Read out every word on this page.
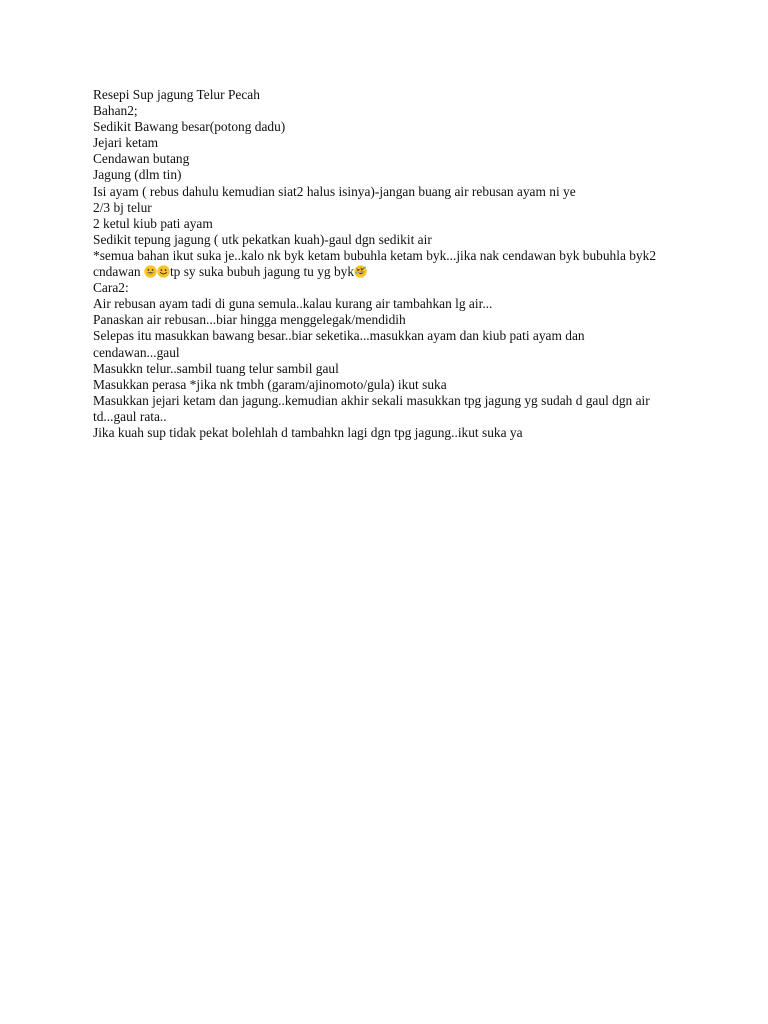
Resepi Sup jagung Telur Pecah
Bahan2;
Sedikit Bawang besar(potong dadu)
Jejari ketam
Cendawan butang
Jagung (dlm tin)
Isi ayam ( rebus dahulu kemudian siat2 halus isinya)-jangan buang air rebusan ayam ni ye
2/3 bj telur
2 ketul kiub pati ayam
Sedikit tepung jagung ( utk pekatkan kuah)-gaul dgn sedikit air
*semua bahan ikut suka je..kalo nk byk ketam bubuhla ketam byk...jika nak cendawan byk bubuhla byk2 cndawan tp sy suka bubuh jagung tu yg byk
Cara2:
Air rebusan ayam tadi di guna semula..kalau kurang air tambahkan lg air...
Panaskan air rebusan...biar hingga menggelegak/mendidih
Selepas itu masukkan bawang besar..biar seketika...masukkan ayam dan kiub pati ayam dan cendawan...gaul
Masukkn telur..sambil tuang telur sambil gaul
Masukkan perasa *jika nk tmbh (garam/ajinomoto/gula) ikut suka
Masukkan jejari ketam dan jagung..kemudian akhir sekali masukkan tpg jagung yg sudah d gaul dgn air td...gaul rata..
Jika kuah sup tidak pekat bolehlah d tambahkn lagi dgn tpg jagung..ikut suka ya
